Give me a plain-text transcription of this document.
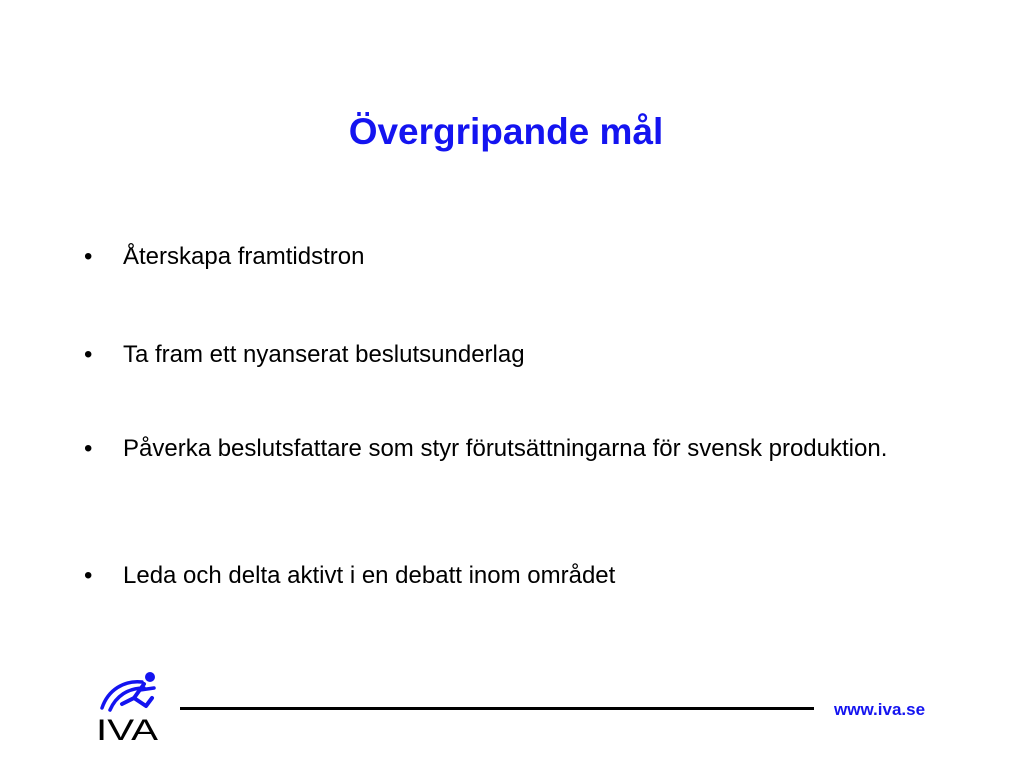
Övergripande mål
•	Återskapa framtidstron
•	Ta fram ett nyanserat beslutsunderlag
•	Påverka beslutsfattare som styr förutsättningarna för svensk produktion.
•	Leda och delta aktivt i en debatt inom området
IVA
www.iva.se
